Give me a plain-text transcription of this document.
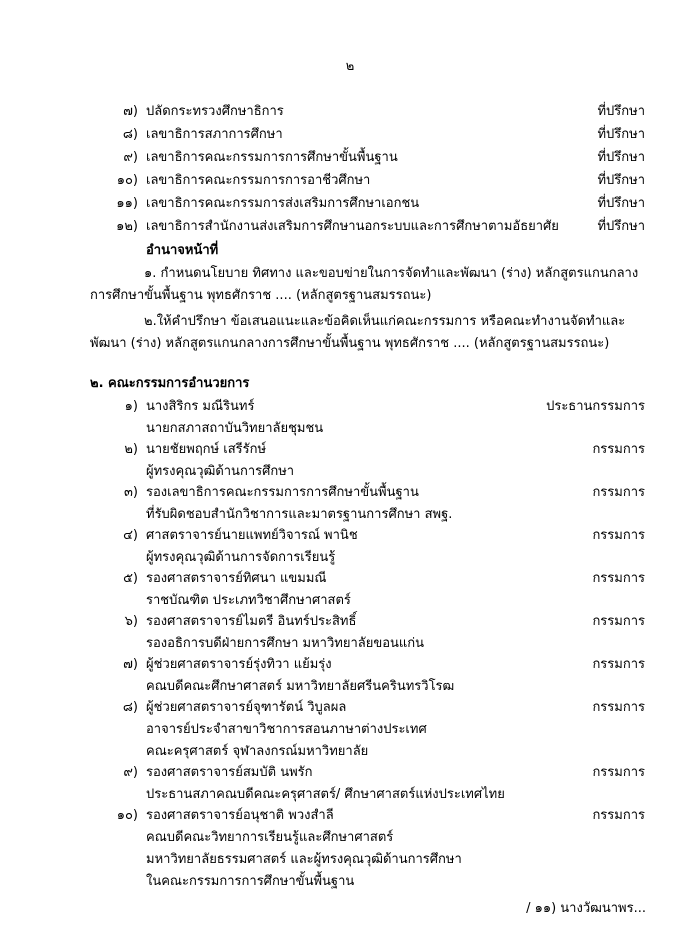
๒
๗) ปลัดกระทรวงศึกษาธิการ	ที่ปรึกษา
๘) เลขาธิการสภาการศึกษา	ที่ปรึกษา
๙) เลขาธิการคณะกรรมการการศึกษาขั้นพื้นฐาน	ที่ปรึกษา
๑๐) เลขาธิการคณะกรรมการการอาชีวศึกษา	ที่ปรึกษา
๑๑) เลขาธิการคณะกรรมการส่งเสริมการศึกษาเอกชน	ที่ปรึกษา
๑๒) เลขาธิการสำนักงานส่งเสริมการศึกษานอกระบบและการศึกษาตามอัธยาศัย	ที่ปรึกษา
อำนาจหน้าที่

๑. กำหนดนโยบาย ทิศทาง และขอบข่ายในการจัดทำและพัฒนา (ร่าง) หลักสูตรแกนกลางการศึกษาขั้นพื้นฐาน พุทธศักราช .... (หลักสูตรฐานสมรรถนะ)

๒.ให้คำปรึกษา ข้อเสนอแนะและข้อคิดเห็นแก่คณะกรรมการ หรือคณะทำงานจัดทำและพัฒนา (ร่าง) หลักสูตรแกนกลางการศึกษาขั้นพื้นฐาน พุทธศักราช .... (หลักสูตรฐานสมรรถนะ)

๒. คณะกรรมการอำนวยการ
๑) นางสิริกร มณีรินทร์	ประธานกรรมการ
นายกสภาสถาบันวิทยาลัยชุมชน
๒) นายชัยพฤกษ์ เสรีรักษ์	กรรมการ
ผู้ทรงคุณวุฒิด้านการศึกษา
๓) รองเลขาธิการคณะกรรมการการศึกษาขั้นพื้นฐาน	กรรมการ
ที่รับผิดชอบสำนักวิชาการและมาตรฐานการศึกษา สพฐ.
๔) ศาสตราจารย์นายแพทย์วิจารณ์ พานิช	กรรมการ
ผู้ทรงคุณวุฒิด้านการจัดการเรียนรู้
๕) รองศาสตราจารย์ทิศนา แขมมณี	กรรมการ
ราชบัณฑิต ประเภทวิชาศึกษาศาสตร์
๖) รองศาสตราจารย์ไมตรี อินทร์ประสิทธิ์	กรรมการ
รองอธิการบดีฝ่ายการศึกษา มหาวิทยาลัยขอนแก่น
๗) ผู้ช่วยศาสตราจารย์รุ่งทิวา แย้มรุ่ง	กรรมการ
คณบดีคณะศึกษาศาสตร์ มหาวิทยาลัยศรีนครินทรวิโรฒ
๘) ผู้ช่วยศาสตราจารย์จุฑารัตน์ วิบูลผล	กรรมการ
อาจารย์ประจำสาขาวิชาการสอนภาษาต่างประเทศ
คณะครุศาสตร์ จุฬาลงกรณ์มหาวิทยาลัย
๙) รองศาสตราจารย์สมบัติ นพรัก	กรรมการ
ประธานสภาคณบดีคณะครุศาสตร์/ ศึกษาศาสตร์แห่งประเทศไทย
๑๐) รองศาสตราจารย์อนุชาติ พวงสำลี	กรรมการ
คณบดีคณะวิทยาการเรียนรู้และศึกษาศาสตร์
มหาวิทยาลัยธรรมศาสตร์ และผู้ทรงคุณวุฒิด้านการศึกษา
ในคณะกรรมการการศึกษาขั้นพื้นฐาน
/ ๑๑) นางวัฒนาพร...
